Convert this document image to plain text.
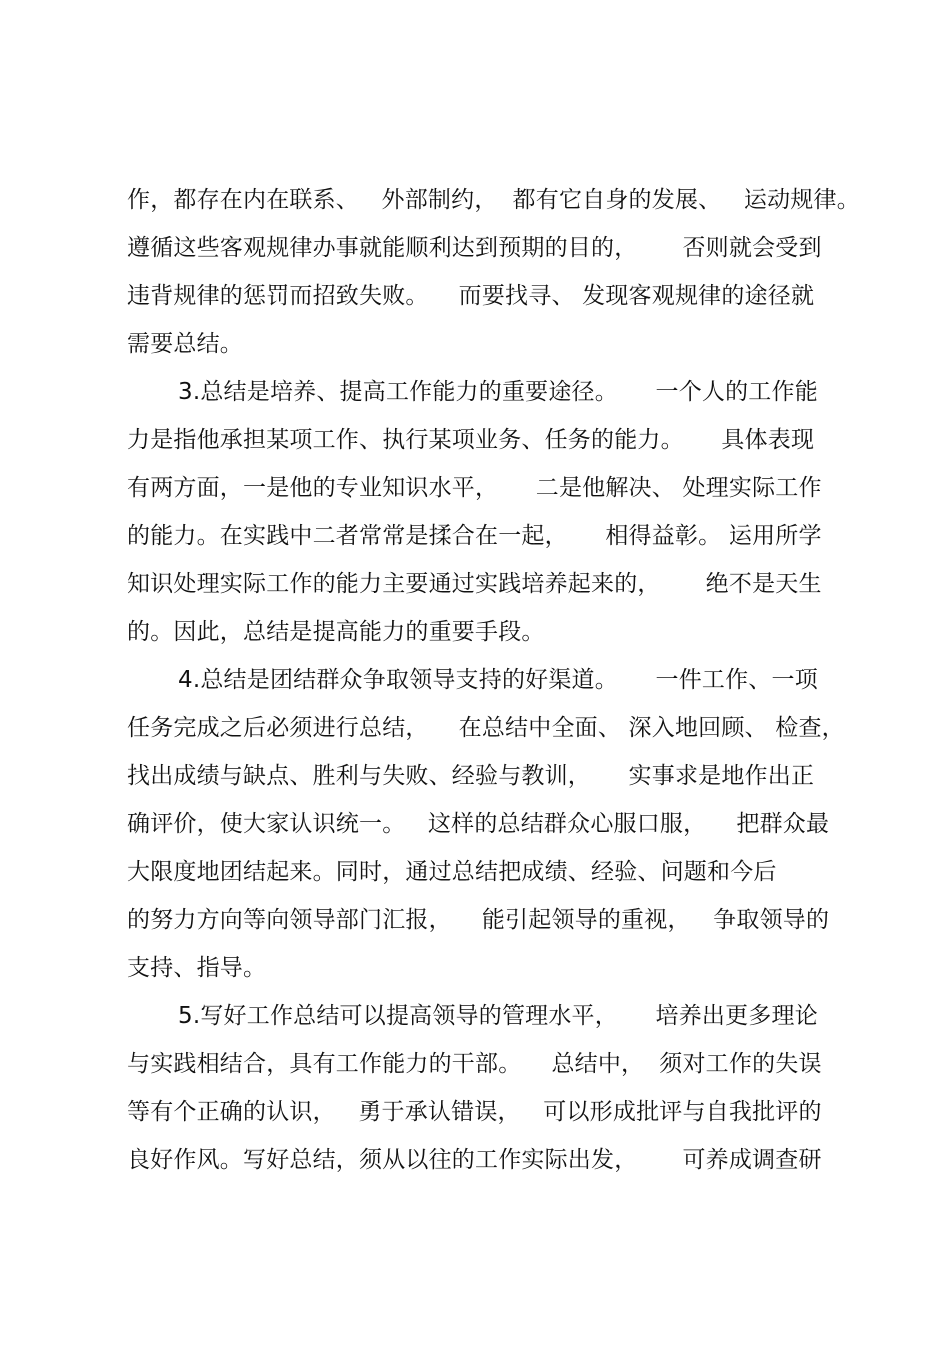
作，都存在内在联系、   外部制约，  都有它自身的发展、   运动规律。
遵循这些客观规律办事就能顺利达到预期的目的，      否则就会受到
违背规律的惩罚而招致失败。    而要找寻、 发现客观规律的途径就
需要总结。
3.总结是培养、提高工作能力的重要途径。     一个人的工作能
力是指他承担某项工作、执行某项业务、任务的能力。     具体表现
有两方面，一是他的专业知识水平，     二是他解决、 处理实际工作
的能力。在实践中二者常常是揉合在一起，     相得益彰。 运用所学
知识处理实际工作的能力主要通过实践培养起来的，      绝不是天生
的。因此，总结是提高能力的重要手段。
4.总结是团结群众争取领导支持的好渠道。     一件工作、一项
任务完成之后必须进行总结，    在总结中全面、 深入地回顾、 检查，
找出成绩与缺点、胜利与失败、经验与教训，     实事求是地作出正
确评价，使大家认识统一。   这样的总结群众心服口服，    把群众最
大限度地团结起来。同时，通过总结把成绩、经验、问题和今后
的努力方向等向领导部门汇报，    能引起领导的重视，   争取领导的
支持、指导。
5.写好工作总结可以提高领导的管理水平，     培养出更多理论
与实践相结合，具有工作能力的干部。    总结中，  须对工作的失误
等有个正确的认识，   勇于承认错误，   可以形成批评与自我批评的
良好作风。写好总结，须从以往的工作实际出发，      可养成调查研
